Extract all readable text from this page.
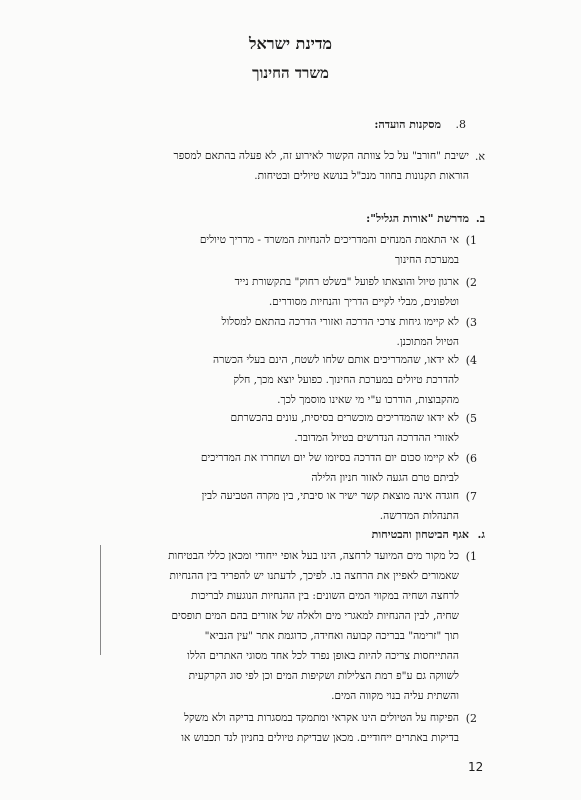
מדינת ישראל
משרד החינוך
8.
מסקנות הועדה:
א.

ישיבת "חורב" על כל צוותה הקשור לאירוע זה, לא פעלה בהתאם למספר

הוראות תקנונות בחוזר מנכ"ל בנושא טיולים ובטיחות.

ב.
מדרשת "אורות הגליל":
1)

אי התאמת המנחים והמדריכים להנחיות המשרד - מדריך טיולים

במערכת החינוך

2)

ארגון טיול והוצאתו לפועל "בשלט רחוק" בתקשורת נייד

וטלפונים, מבלי לקיים הדריך והנחיות מסודרים.

3)

לא קיימו גיחות צרכי הדרכה ואזורי הדרכה בהתאם למסלול

הטיול המתוכנן.

4)

לא ידאו, שהמדריכים אותם שלחו לשטח, הינם בעלי הכשרה

להדרכת טיולים במערכת החינוך. כפועל יוצא מכך, חלק

מהקבוצות, הודרכו ע"י מי שאינו מוסמך לכך.

5)

לא ידאו שהמדריכים מוכשרים בסיסית, עונים בהכשרתם

לאזורי ההדרכה הנדרשים בטיול המדובר.

6)

לא קיימו סכום יום הדרכה בסיומו של יום ושחררו את המדריכים

לביתם טרם הגעה לאזור חניון הלילה

7)

חוגדה אינה מוצאת קשר ישיר או סיבתי, בין מקרה הטביעה לבין

התנהלות המדרשה.

ג.
אגף הביטחון והבטיחות
1)

כל מקור מים המיועד לרחצה, הינו בעל אופי ייחודי ומכאן כללי הבטיחות

שאמורים לאפיין את הרחצה בו. לפיכך, לדעתנו יש להפריד בין ההנחיות

לרחצה ושחיה במקווי המים השונים: בין ההנחיות הנוגעות לבריכות

שחיה, לבין ההנחיות למאגרי מים ולאלה של אזורים בהם המים תופסים

תוך "זרימה" בבריכה קבועה ואחידה, כדוגמת אתר "עין הנביא"

ההתייחסות צריכה להיות באופן נפרד לכל אחד מסוגי האתרים הללו

לשווקה גם ע"פ רמת הצלילות ושקיפות המים וכן לפי סוג הקרקעית

והשתית עליה בנוי מקווה המים.

2)

הפיקוח על הטיולים הינו אקראי ומתמקד במסגרות בדיקה ולא משקל

בדיקות באתרים ייחודיים. מכאן שבדיקת טיולים בחניון לנד תכבוש או

12
